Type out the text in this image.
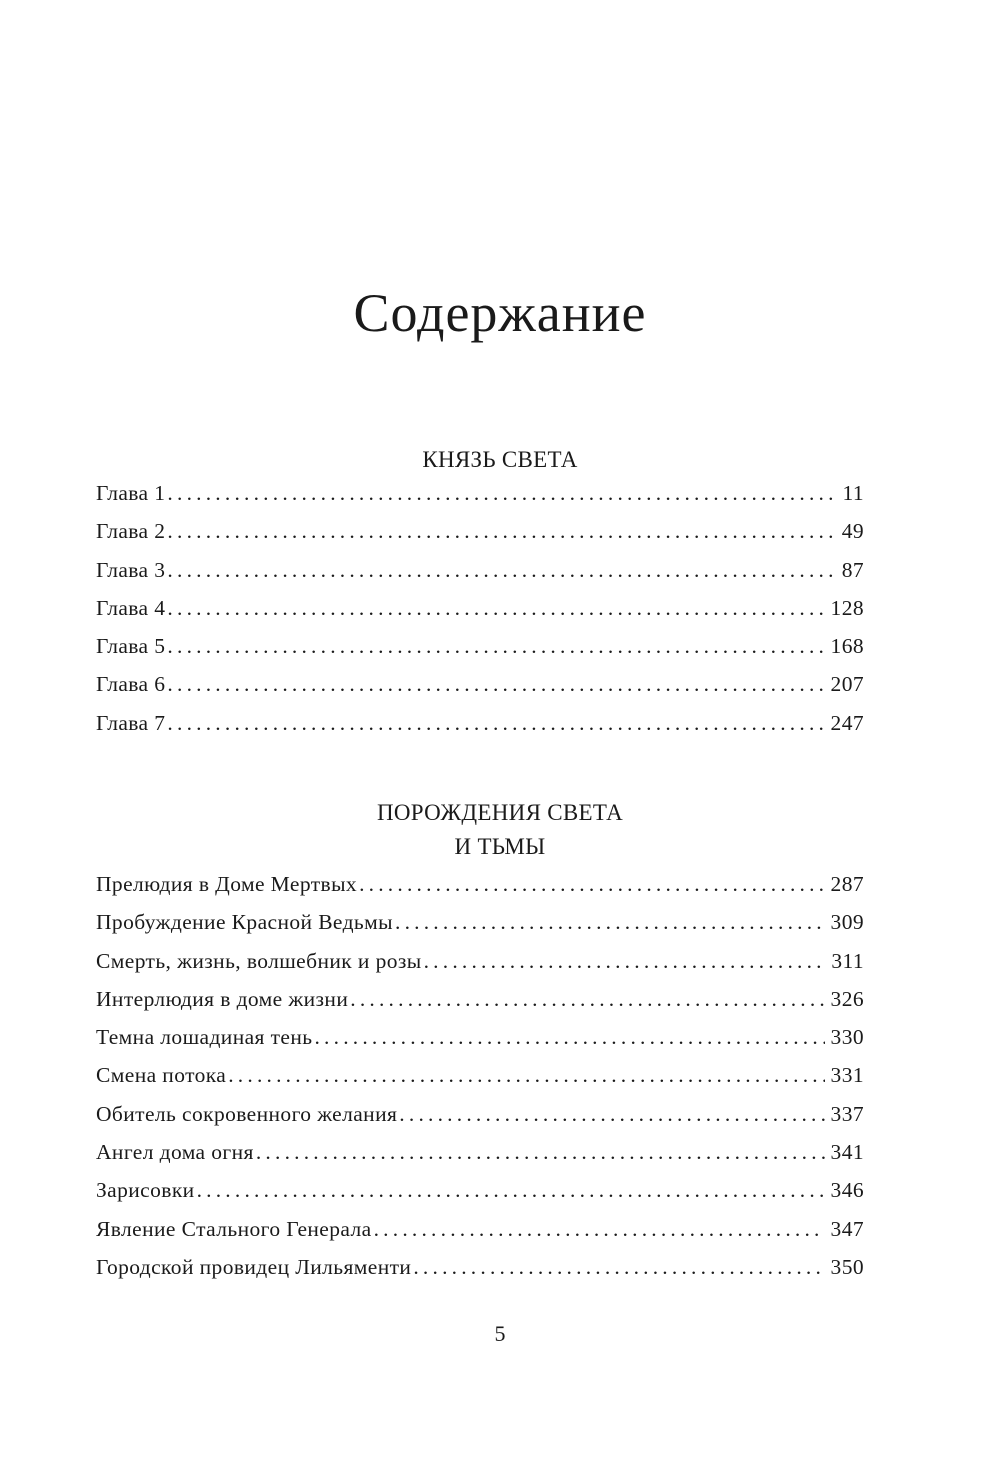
Содержание
КНЯЗЬ СВЕТА
Глава 1 .....	11
Глава 2 .....	49
Глава 3 .....	87
Глава 4 .....	128
Глава 5 .....	168
Глава 6 .....	207
Глава 7 .....	247
ПОРОЖДЕНИЯ СВЕТА
И ТЬМЫ
Прелюдия в Доме Мертвых .....	287
Пробуждение Красной Ведьмы .....	309
Смерть, жизнь, волшебник и розы .....	311
Интерлюдия в доме жизни .....	326
Темна лошадиная тень .....	330
Смена потока .....	331
Обитель сокровенного желания .....	337
Ангел дома огня .....	341
Зарисовки .....	346
Явление Стального Генерала .....	347
Городской провидец Лильяменти .....	350
5
